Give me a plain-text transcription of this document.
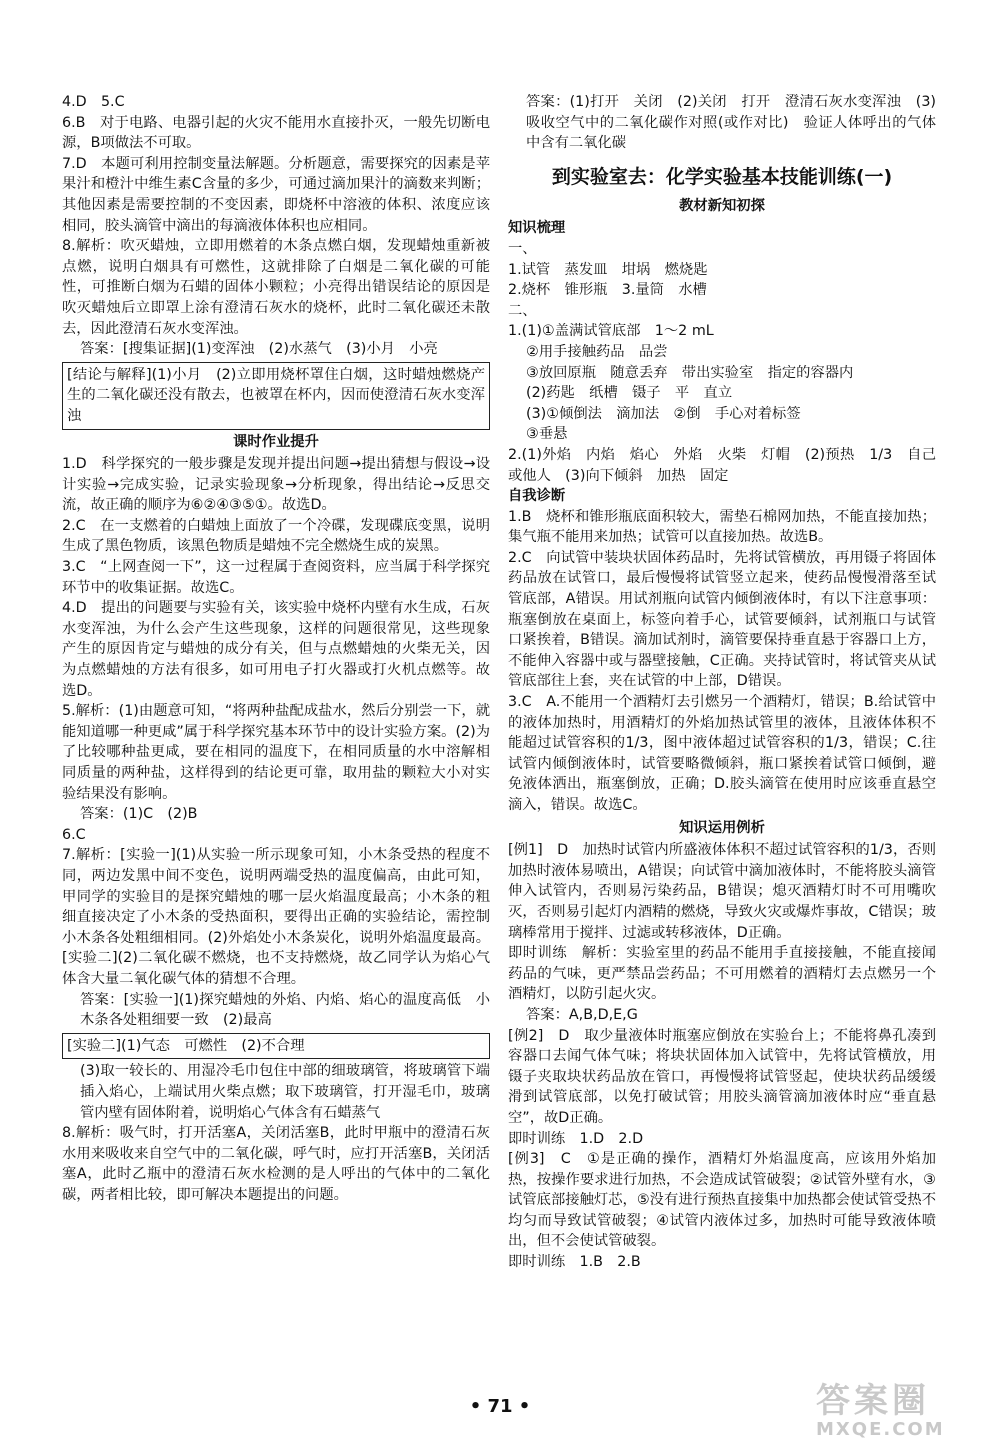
4.D　5.C

6.B　对于电路、电器引起的火灾不能用水直接扑灭，一般先切断电源，B项做法不可取。

7.D　本题可利用控制变量法解题。分析题意，需要探究的因素是苹果汁和橙汁中维生素C含量的多少，可通过滴加果汁的滴数来判断；其他因素是需要控制的不变因素，即烧杯中溶液的体积、浓度应该相同，胶头滴管中滴出的每滴液体体积也应相同。

8.解析：吹灭蜡烛，立即用燃着的木条点燃白烟，发现蜡烛重新被点燃，说明白烟具有可燃性，这就排除了白烟是二氧化碳的可能性，可推断白烟为石蜡的固体小颗粒；小亮得出错误结论的原因是吹灭蜡烛后立即罩上涂有澄清石灰水的烧杯，此时二氧化碳还未散去，因此澄清石灰水变浑浊。

答案：[搜集证据](1)变浑浊　(2)水蒸气　(3)小月　小亮

[结论与解释](1)小月　(2)立即用烧杯罩住白烟，这时蜡烛燃烧产生的二氧化碳还没有散去，也被罩在杯内，因而使澄清石灰水变浑浊

课时作业提升

1.D　科学探究的一般步骤是发现并提出问题→提出猜想与假设→设计实验→完成实验，记录实验现象→分析现象，得出结论→反思交流，故正确的顺序为⑥②④③⑤①。故选D。

2.C　在一支燃着的白蜡烛上面放了一个冷碟，发现碟底变黑，说明生成了黑色物质，该黑色物质是蜡烛不完全燃烧生成的炭黑。

3.C　“上网查阅一下”，这一过程属于查阅资料，应当属于科学探究环节中的收集证据。故选C。

4.D　提出的问题要与实验有关，该实验中烧杯内壁有水生成，石灰水变浑浊，为什么会产生这些现象，这样的问题很常见，这些现象产生的原因肯定与蜡烛的成分有关，但与点燃蜡烛的火柴无关，因为点燃蜡烛的方法有很多，如可用电子打火器或打火机点燃等。故选D。

5.解析：(1)由题意可知，“将两种盐配成盐水，然后分别尝一下，就能知道哪一种更咸”属于科学探究基本环节中的设计实验方案。(2)为了比较哪种盐更咸，要在相同的温度下，在相同质量的水中溶解相同质量的两种盐，这样得到的结论更可靠，取用盐的颗粒大小对实验结果没有影响。

答案：(1)C　(2)B

6.C

7.解析：[实验一](1)从实验一所示现象可知，小木条受热的程度不同，两边发黑中间不变色，说明两端受热的温度偏高，由此可知，甲同学的实验目的是探究蜡烛的哪一层火焰温度最高；小木条的粗细直接决定了小木条的受热面积，要得出正确的实验结论，需控制小木条各处粗细相同。(2)外焰处小木条炭化，说明外焰温度最高。[实验二](2)二氧化碳不燃烧，也不支持燃烧，故乙同学认为焰心气体含大量二氧化碳气体的猜想不合理。

答案：[实验一](1)探究蜡烛的外焰、内焰、焰心的温度高低　小木条各处粗细要一致　(2)最高

[实验二](1)气态　可燃性　(2)不合理

(3)取一较长的、用湿冷毛巾包住中部的细玻璃管，将玻璃管下端插入焰心，上端试用火柴点燃；取下玻璃管，打开湿毛巾，玻璃管内壁有固体附着，说明焰心气体含有石蜡蒸气

8.解析：吸气时，打开活塞A，关闭活塞B，此时甲瓶中的澄清石灰水用来吸收来自空气中的二氧化碳，呼气时，应打开活塞B，关闭活塞A，此时乙瓶中的澄清石灰水检测的是人呼出的气体中的二氧化碳，两者相比较，即可解决本题提出的问题。

答案：(1)打开　关闭　(2)关闭　打开　澄清石灰水变浑浊　(3)吸收空气中的二氧化碳作对照(或作对比)　验证人体呼出的气体中含有二氧化碳

到实验室去：化学实验基本技能训练(一)

教材新知初探

知识梳理

一、

1.试管　蒸发皿　坩埚　燃烧匙

2.烧杯　锥形瓶　3.量筒　水槽

二、

1.(1)①盖满试管底部　1～2 mL

②用手接触药品　品尝

③放回原瓶　随意丢弃　带出实验室　指定的容器内

(2)药匙　纸槽　镊子　平　直立

(3)①倾倒法　滴加法　②倒　手心对着标签

③垂悬

2.(1)外焰　内焰　焰心　外焰　火柴　灯帽　(2)预热　1/3　自己或他人　(3)向下倾斜　加热　固定

自我诊断

1.B　烧杯和锥形瓶底面积较大，需垫石棉网加热，不能直接加热；集气瓶不能用来加热；试管可以直接加热。故选B。

2.C　向试管中装块状固体药品时，先将试管横放，再用镊子将固体药品放在试管口，最后慢慢将试管竖立起来，使药品慢慢滑落至试管底部，A错误。用试剂瓶向试管内倾倒液体时，有以下注意事项：瓶塞倒放在桌面上，标签向着手心，试管要倾斜，试剂瓶口与试管口紧挨着，B错误。滴加试剂时，滴管要保持垂直悬于容器口上方，不能伸入容器中或与器壁接触，C正确。夹持试管时，将试管夹从试管底部往上套，夹在试管的中上部，D错误。

3.C　A.不能用一个酒精灯去引燃另一个酒精灯，错误；B.给试管中的液体加热时，用酒精灯的外焰加热试管里的液体，且液体体积不能超过试管容积的1/3，图中液体超过试管容积的1/3，错误；C.往试管内倾倒液体时，试管要略微倾斜，瓶口紧挨着试管口倾倒，避免液体洒出，瓶塞倒放，正确；D.胶头滴管在使用时应该垂直悬空滴入，错误。故选C。

知识运用例析

[例1]　D　加热时试管内所盛液体体积不超过试管容积的1/3，否则加热时液体易喷出，A错误；向试管中滴加液体时，不能将胶头滴管伸入试管内，否则易污染药品，B错误；熄灭酒精灯时不可用嘴吹灭，否则易引起灯内酒精的燃烧，导致火灾或爆炸事故，C错误；玻璃棒常用于搅拌、过滤或转移液体，D正确。

即时训练　解析：实验室里的药品不能用手直接接触，不能直接闻药品的气味，更严禁品尝药品；不可用燃着的酒精灯去点燃另一个酒精灯，以防引起火灾。

答案：A,B,D,E,G

[例2]　D　取少量液体时瓶塞应倒放在实验台上；不能将鼻孔凑到容器口去闻气体气味；将块状固体加入试管中，先将试管横放，用镊子夹取块状药品放在管口，再慢慢将试管竖起，使块状药品缓缓滑到试管底部，以免打破试管；用胶头滴管滴加液体时应“垂直悬空”，故D正确。

即时训练　1.D　2.D

[例3]　C　①是正确的操作，酒精灯外焰温度高，应该用外焰加热，按操作要求进行加热，不会造成试管破裂；②试管外壁有水，③试管底部接触灯芯，⑤没有进行预热直接集中加热都会使试管受热不均匀而导致试管破裂；④试管内液体过多，加热时可能导致液体喷出，但不会使试管破裂。

即时训练　1.B　2.B

• 71 •	答案圈
MXQE.COM
